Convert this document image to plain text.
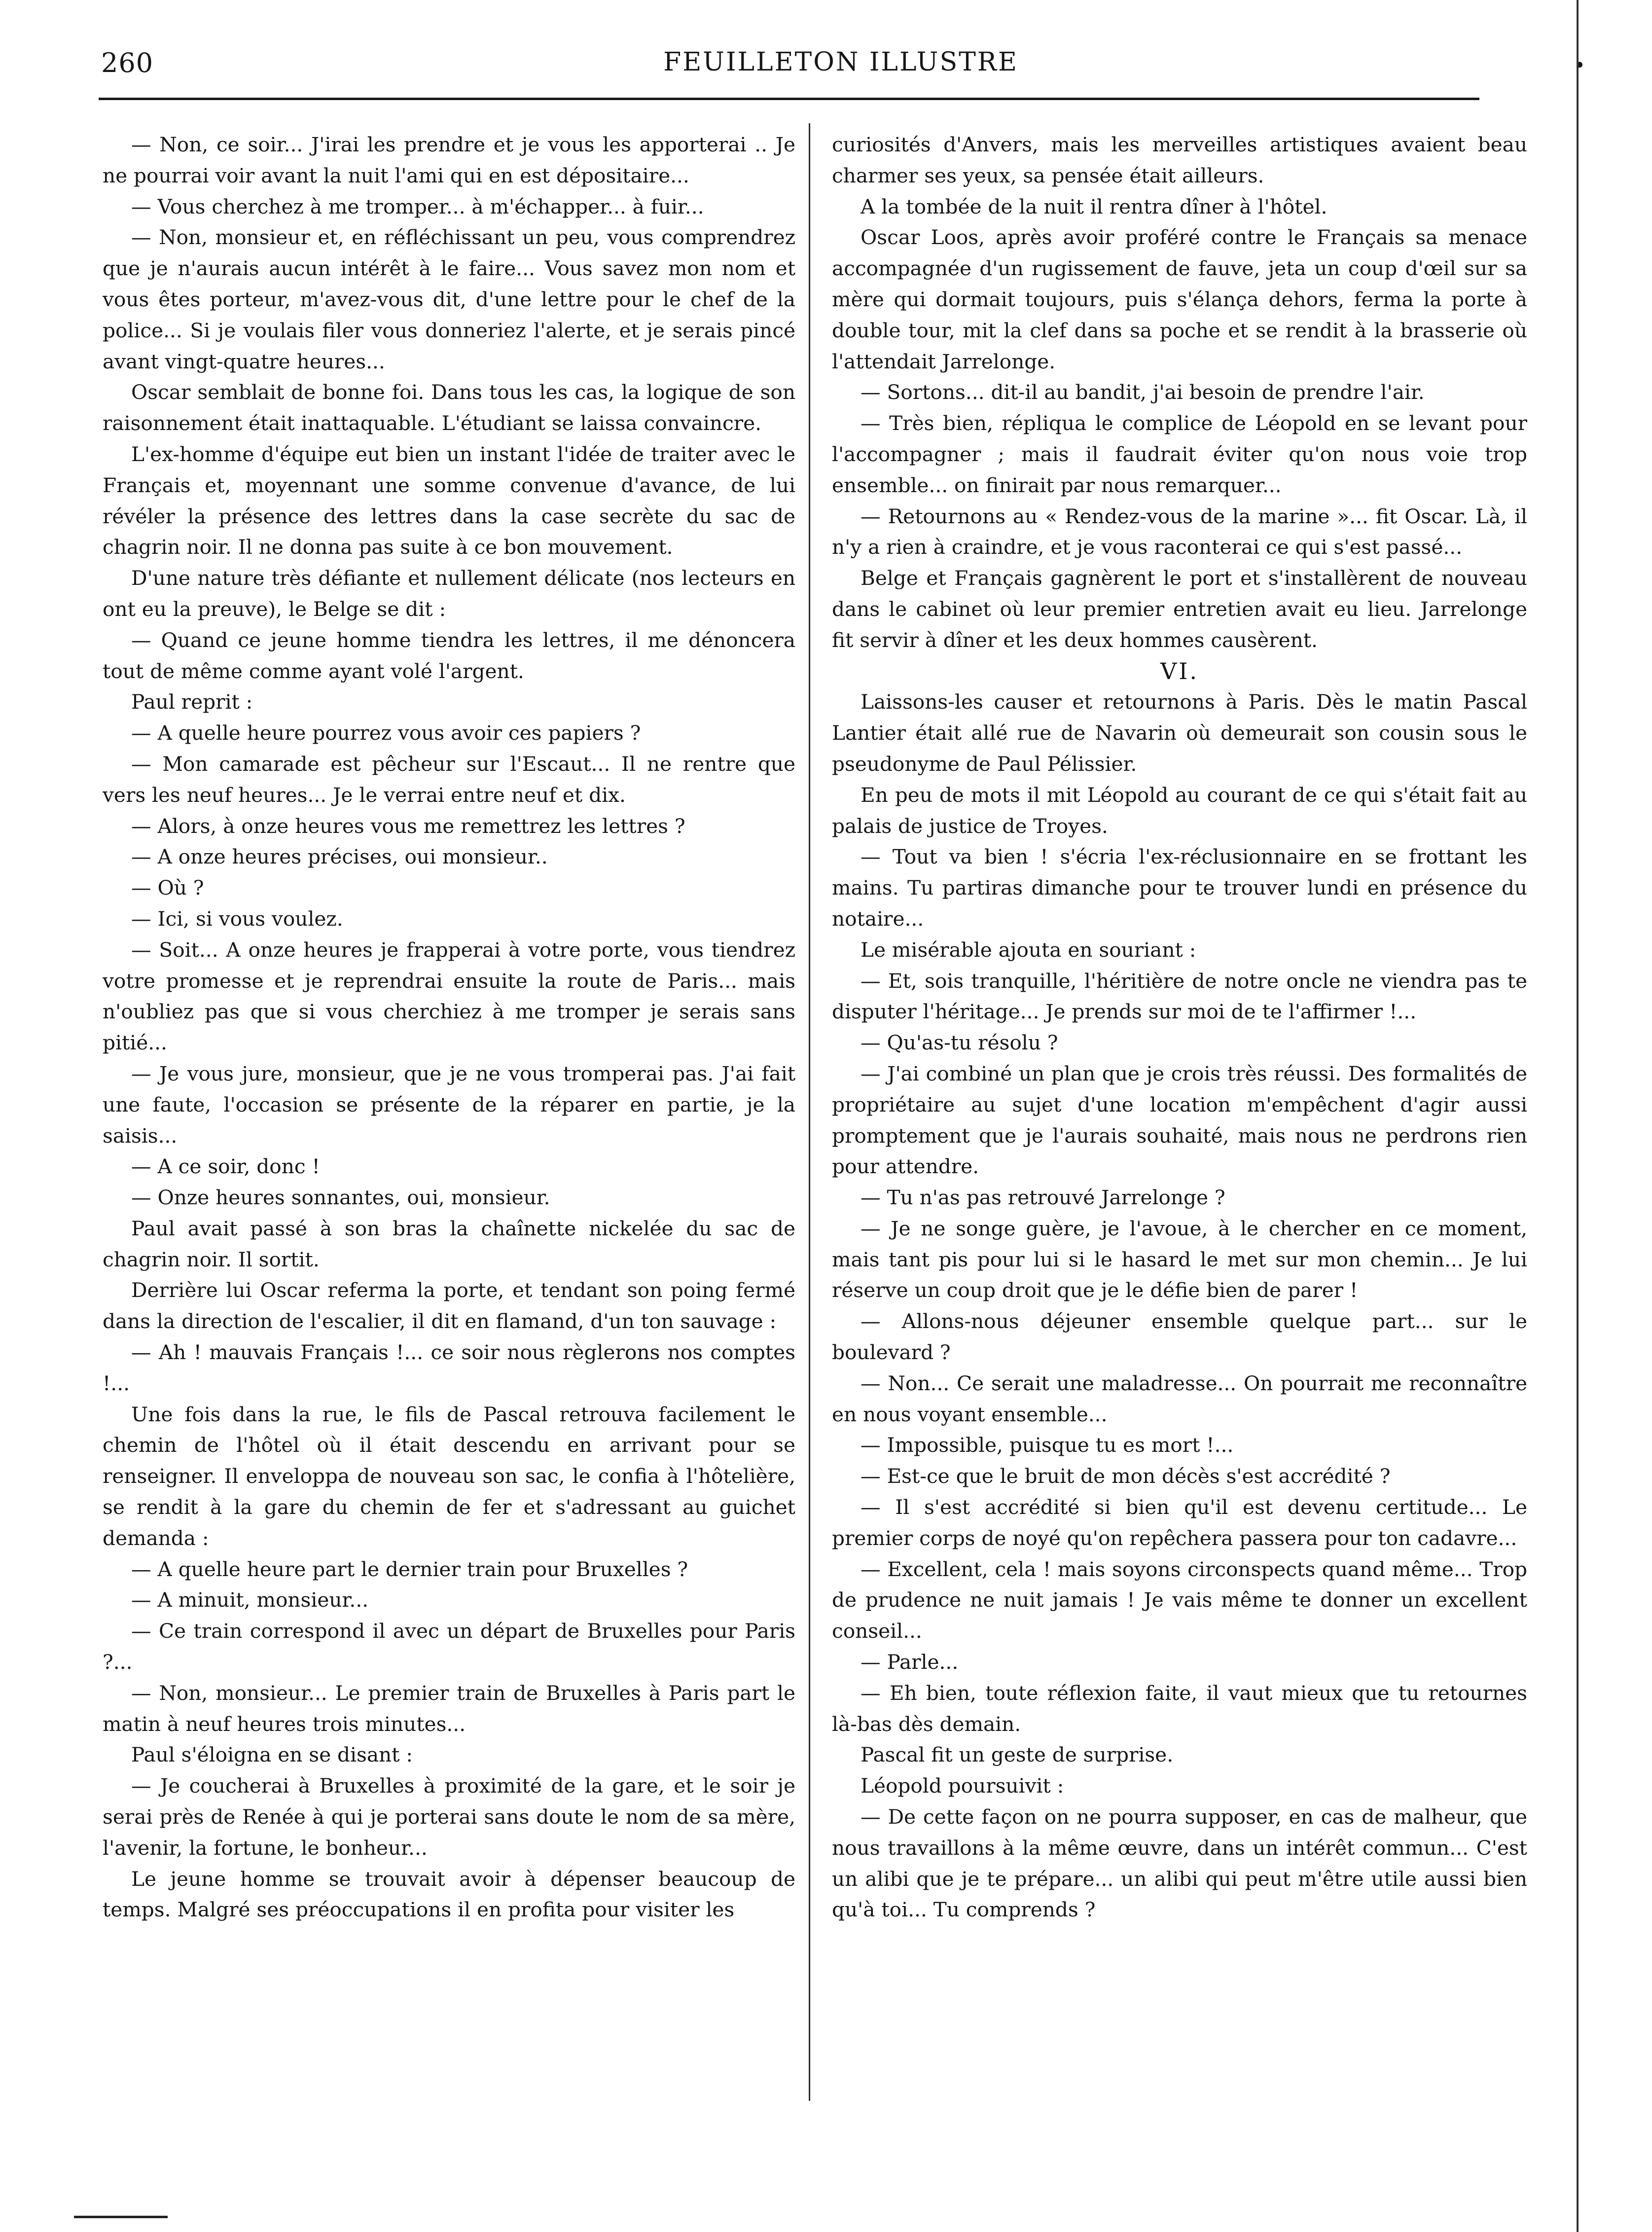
260	FEUILLETON ILLUSTRE	•

— Non, ce soir... J'irai les prendre et je vous les apporterai .. Je ne pourrai voir avant la nuit l'ami qui en est dépositaire...

— Vous cherchez à me tromper... à m'échapper... à fuir...

— Non, monsieur et, en réfléchissant un peu, vous comprendrez que je n'aurais aucun intérêt à le faire... Vous savez mon nom et vous êtes porteur, m'avez-vous dit, d'une lettre pour le chef de la police... Si je voulais filer vous donneriez l'alerte, et je serais pincé avant vingt-quatre heures...

Oscar semblait de bonne foi. Dans tous les cas, la logique de son raisonnement était inattaquable. L'étudiant se laissa convaincre.

L'ex-homme d'équipe eut bien un instant l'idée de traiter avec le Français et, moyennant une somme convenue d'avance, de lui révéler la présence des lettres dans la case secrète du sac de chagrin noir. Il ne donna pas suite à ce bon mouvement.

D'une nature très défiante et nullement délicate (nos lecteurs en ont eu la preuve), le Belge se dit :

— Quand ce jeune homme tiendra les lettres, il me dénoncera tout de même comme ayant volé l'argent.

Paul reprit :

— A quelle heure pourrez vous avoir ces papiers ?

— Mon camarade est pêcheur sur l'Escaut... Il ne rentre que vers les neuf heures... Je le verrai entre neuf et dix.

— Alors, à onze heures vous me remettrez les lettres ?

— A onze heures précises, oui monsieur..

— Où ?

— Ici, si vous voulez.

— Soit... A onze heures je frapperai à votre porte, vous tiendrez votre promesse et je reprendrai ensuite la route de Paris... mais n'oubliez pas que si vous cherchiez à me tromper je serais sans pitié...

— Je vous jure, monsieur, que je ne vous tromperai pas. J'ai fait une faute, l'occasion se présente de la réparer en partie, je la saisis...

— A ce soir, donc !

— Onze heures sonnantes, oui, monsieur.

Paul avait passé à son bras la chaînette nickelée du sac de chagrin noir. Il sortit.

Derrière lui Oscar referma la porte, et tendant son poing fermé dans la direction de l'escalier, il dit en flamand, d'un ton sauvage :

— Ah ! mauvais Français !... ce soir nous règlerons nos comptes !...

Une fois dans la rue, le fils de Pascal retrouva facilement le chemin de l'hôtel où il était descendu en arrivant pour se renseigner. Il enveloppa de nouveau son sac, le confia à l'hôtelière, se rendit à la gare du chemin de fer et s'adressant au guichet demanda :

— A quelle heure part le dernier train pour Bruxelles ?

— A minuit, monsieur...

— Ce train correspond il avec un départ de Bruxelles pour Paris ?...

— Non, monsieur... Le premier train de Bruxelles à Paris part le matin à neuf heures trois minutes...

Paul s'éloigna en se disant :

— Je coucherai à Bruxelles à proximité de la gare, et le soir je serai près de Renée à qui je porterai sans doute le nom de sa mère, l'avenir, la fortune, le bonheur...

Le jeune homme se trouvait avoir à dépenser beaucoup de temps. Malgré ses préoccupations il en profita pour visiter les

curiosités d'Anvers, mais les merveilles artistiques avaient beau charmer ses yeux, sa pensée était ailleurs.

A la tombée de la nuit il rentra dîner à l'hôtel.

Oscar Loos, après avoir proféré contre le Français sa menace accompagnée d'un rugissement de fauve, jeta un coup d'œil sur sa mère qui dormait toujours, puis s'élança dehors, ferma la porte à double tour, mit la clef dans sa poche et se rendit à la brasserie où l'attendait Jarrelonge.

— Sortons... dit-il au bandit, j'ai besoin de prendre l'air.

— Très bien, répliqua le complice de Léopold en se levant pour l'accompagner ; mais il faudrait éviter qu'on nous voie trop ensemble... on finirait par nous remarquer...

— Retournons au « Rendez-vous de la marine »... fit Oscar. Là, il n'y a rien à craindre, et je vous raconterai ce qui s'est passé...

Belge et Français gagnèrent le port et s'installèrent de nouveau dans le cabinet où leur premier entretien avait eu lieu. Jarrelonge fit servir à dîner et les deux hommes causèrent.

VI.

Laissons-les causer et retournons à Paris. Dès le matin Pascal Lantier était allé rue de Navarin où demeurait son cousin sous le pseudonyme de Paul Pélissier.

En peu de mots il mit Léopold au courant de ce qui s'était fait au palais de justice de Troyes.

— Tout va bien ! s'écria l'ex-réclusionnaire en se frottant les mains. Tu partiras dimanche pour te trouver lundi en présence du notaire...

Le misérable ajouta en souriant :

— Et, sois tranquille, l'héritière de notre oncle ne viendra pas te disputer l'héritage... Je prends sur moi de te l'affirmer !...

— Qu'as-tu résolu ?

— J'ai combiné un plan que je crois très réussi. Des formalités de propriétaire au sujet d'une location m'empêchent d'agir aussi promptement que je l'aurais souhaité, mais nous ne perdrons rien pour attendre.

— Tu n'as pas retrouvé Jarrelonge ?

— Je ne songe guère, je l'avoue, à le chercher en ce moment, mais tant pis pour lui si le hasard le met sur mon chemin... Je lui réserve un coup droit que je le défie bien de parer !

— Allons-nous déjeuner ensemble quelque part... sur le boulevard ?

— Non... Ce serait une maladresse... On pourrait me reconnaître en nous voyant ensemble...

— Impossible, puisque tu es mort !...

— Est-ce que le bruit de mon décès s'est accrédité ?

— Il s'est accrédité si bien qu'il est devenu certitude... Le premier corps de noyé qu'on repêchera passera pour ton cadavre...

— Excellent, cela ! mais soyons circonspects quand même... Trop de prudence ne nuit jamais ! Je vais même te donner un excellent conseil...

— Parle...

— Eh bien, toute réflexion faite, il vaut mieux que tu retournes là-bas dès demain.

Pascal fit un geste de surprise.

Léopold poursuivit :

— De cette façon on ne pourra supposer, en cas de malheur, que nous travaillons à la même œuvre, dans un intérêt commun... C'est un alibi que je te prépare... un alibi qui peut m'être utile aussi bien qu'à toi... Tu comprends ?
